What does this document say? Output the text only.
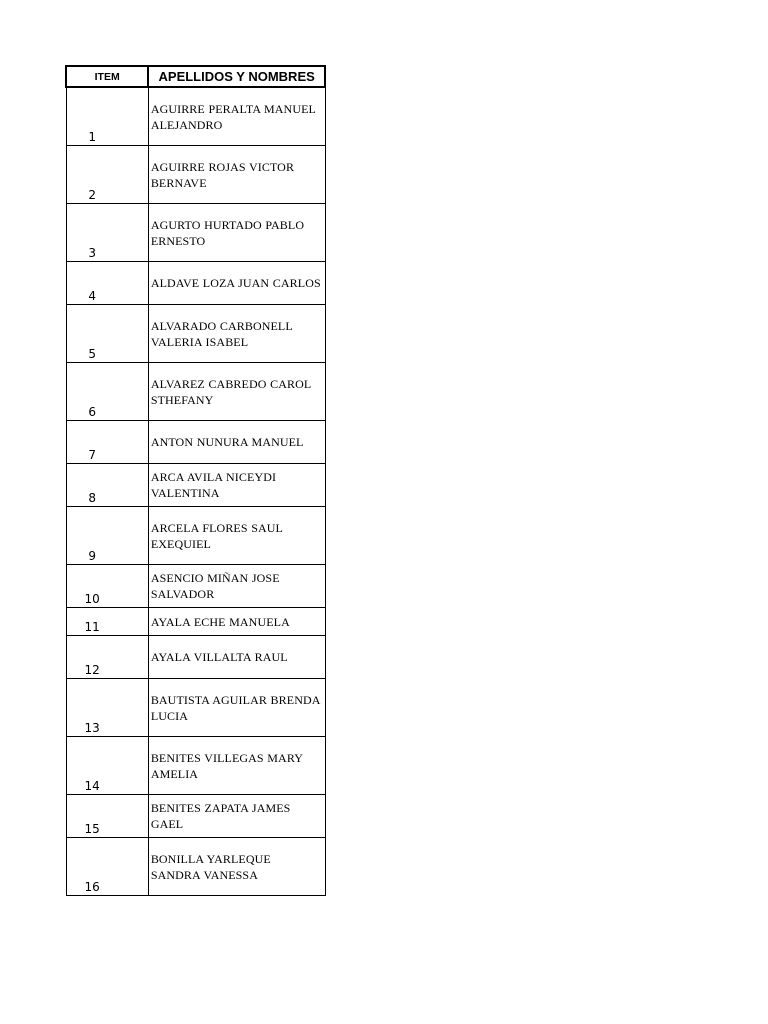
ITEM	APELLIDOS Y NOMBRES
1	AGUIRRE PERALTA MANUEL ALEJANDRO
2	AGUIRRE ROJAS VICTOR BERNAVE
3	AGURTO HURTADO PABLO ERNESTO
4	ALDAVE LOZA JUAN CARLOS
5	ALVARADO CARBONELL VALERIA ISABEL
6	ALVAREZ CABREDO CAROL STHEFANY
7	ANTON NUNURA MANUEL
8	ARCA AVILA NICEYDI VALENTINA
9	ARCELA FLORES SAUL EXEQUIEL
10	ASENCIO MIÑAN JOSE SALVADOR
11	AYALA ECHE MANUELA
12	AYALA VILLALTA RAUL
13	BAUTISTA AGUILAR BRENDA LUCIA
14	BENITES VILLEGAS MARY AMELIA
15	BENITES ZAPATA JAMES GAEL
16	BONILLA YARLEQUE SANDRA VANESSA
